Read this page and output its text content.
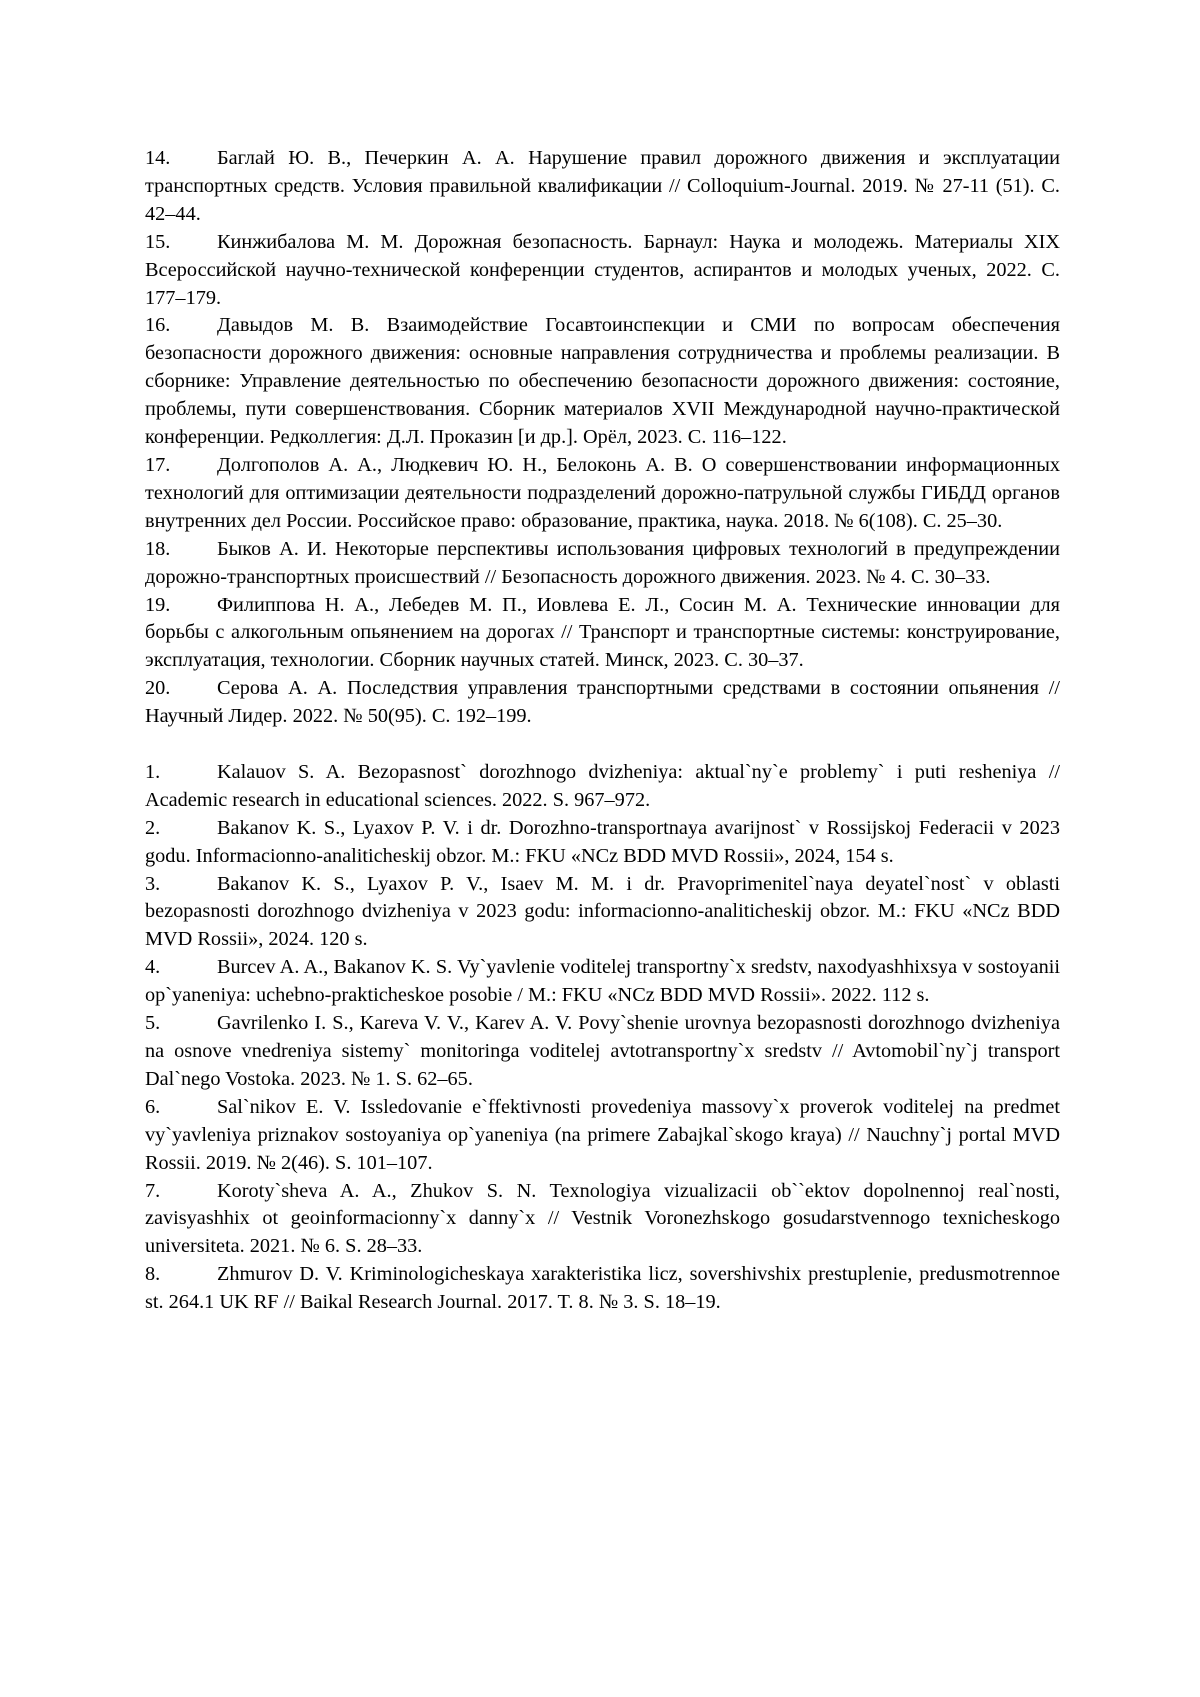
14. Баглай Ю. В., Печеркин А. А. Нарушение правил дорожного движения и эксплуатации транспортных средств. Условия правильной квалификации // Colloquium-Journal. 2019. № 27-11 (51). С. 42–44.

15. Кинжибалова М. М. Дорожная безопасность. Барнаул: Наука и молодежь. Материалы XIX Всероссийской научно-технической конференции студентов, аспирантов и молодых ученых, 2022. С. 177–179.

16. Давыдов М. В. Взаимодействие Госавтоинспекции и СМИ по вопросам обеспечения безопасности дорожного движения: основные направления сотрудничества и проблемы реализации. В сборнике: Управление деятельностью по обеспечению безопасности дорожного движения: состояние, проблемы, пути совершенствования. Сборник материалов XVII Международной научно-практической конференции. Редколлегия: Д.Л. Проказин [и др.]. Орёл, 2023. С. 116–122.

17. Долгополов А. А., Людкевич Ю. Н., Белоконь А. В. О совершенствовании информационных технологий для оптимизации деятельности подразделений дорожно-патрульной службы ГИБДД органов внутренних дел России. Российское право: образование, практика, наука. 2018. № 6(108). С. 25–30.

18. Быков А. И. Некоторые перспективы использования цифровых технологий в предупреждении дорожно-транспортных происшествий // Безопасность дорожного движения. 2023. № 4. С. 30–33.

19. Филиппова Н. А., Лебедев М. П., Иовлева Е. Л., Сосин М. А. Технические инновации для борьбы с алкогольным опьянением на дорогах // Транспорт и транспортные системы: конструирование, эксплуатация, технологии. Сборник научных статей. Минск, 2023. С. 30–37.

20. Серова А. А. Последствия управления транспортными средствами в состоянии опьянения // Научный Лидер. 2022. № 50(95). С. 192–199.

1.	Kalauov S. A. Bezopasnost` dorozhnogo dvizheniya: aktual`ny`e problemy` i puti resheniya // Academic research in educational sciences. 2022. S. 967–972.

2.	Bakanov K. S., Lyaxov P. V. i dr. Dorozhno-transportnaya avarijnost` v Rossijskoj Federacii v 2023 godu. Informacionno-analiticheskij obzor. M.: FKU «NCz BDD MVD Rossii», 2024, 154 s.

3.	Bakanov K. S., Lyaxov P. V., Isaev M. M. i dr. Pravoprimenitel`naya deyatel`nost` v oblasti bezopasnosti dorozhnogo dvizheniya v 2023 godu: informacionno-analiticheskij obzor. M.: FKU «NCz BDD MVD Rossii», 2024. 120 s.

4.	Burcev A. A., Bakanov K. S. Vy`yavlenie voditelej transportny`x sredstv, naxodyashhixsya v sostoyanii op`yaneniya: uchebno-prakticheskoe posobie / M.: FKU «NCz BDD MVD Rossii». 2022. 112 s.

5.	Gavrilenko I. S., Kareva V. V., Karev A. V. Povy`shenie urovnya bezopasnosti dorozhnogo dvizheniya na osnove vnedreniya sistemy` monitoringa voditelej avtotransportny`x sredstv // Avtomobil`ny`j transport Dal`nego Vostoka. 2023. № 1. S. 62–65.

6.	Sal`nikov E. V. Issledovanie e`ffektivnosti provedeniya massovy`x proverok voditelej na predmet vy`yavleniya priznakov sostoyaniya op`yaneniya (na primere Zabajkal`skogo kraya) // Nauchny`j portal MVD Rossii. 2019. № 2(46). S. 101–107.

7.	Koroty`sheva A. A., Zhukov S. N. Texnologiya vizualizacii ob``ektov dopolnennoj real`nosti, zavisyashhix ot geoinformacionny`x danny`x // Vestnik Voronezhskogo gosudarstvennogo texnicheskogo universiteta. 2021. № 6. S. 28–33.

8.	Zhmurov D. V. Kriminologicheskaya xarakteristika licz, sovershivshix prestuplenie, predusmotrennoe st. 264.1 UK RF // Baikal Research Journal. 2017. T. 8. № 3. S. 18–19.
